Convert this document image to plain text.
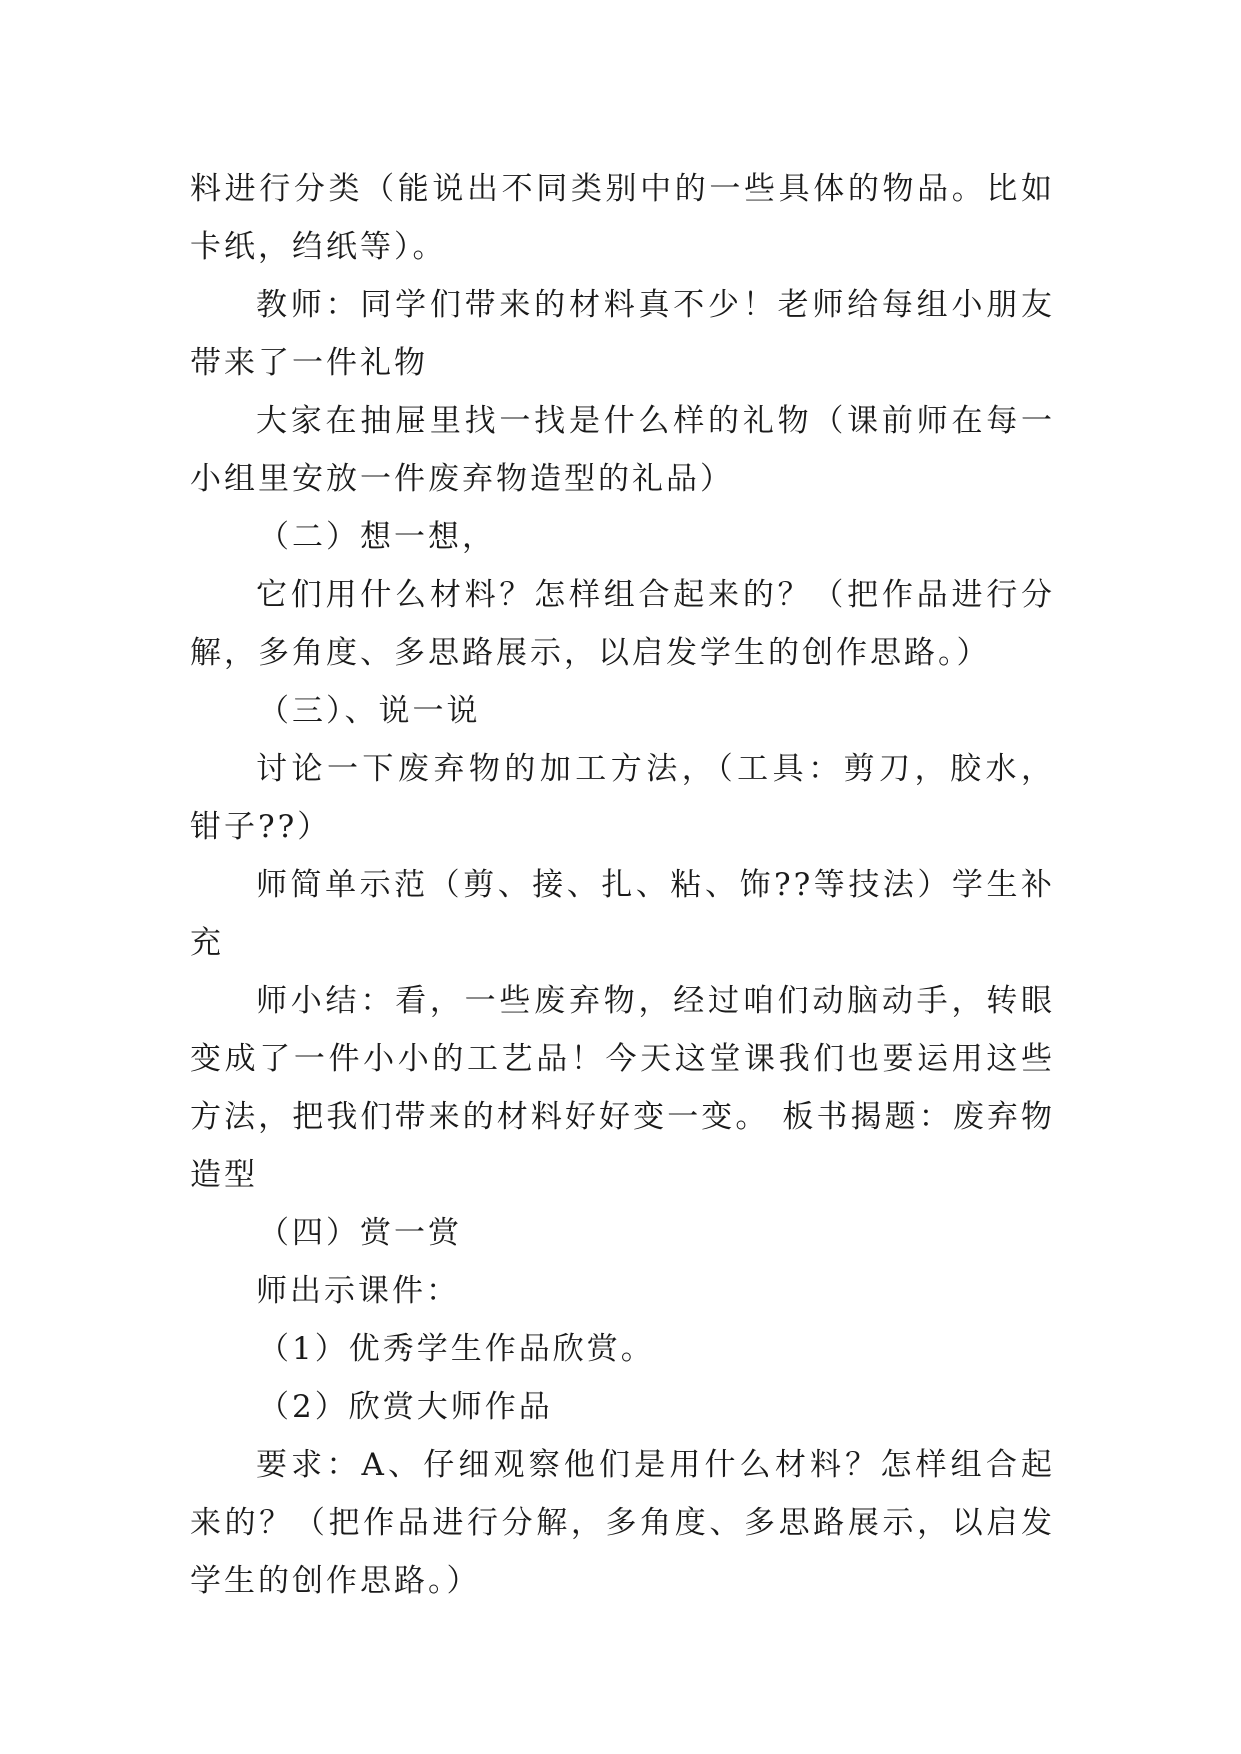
料进行分类（能说出不同类别中的一些具体的物品。比如卡纸，绉纸等）。

教师：同学们带来的材料真不少！老师给每组小朋友带来了一件礼物

大家在抽屉里找一找是什么样的礼物（课前师在每一小组里安放一件废弃物造型的礼品）

（二）想一想，

它们用什么材料？怎样组合起来的？（把作品进行分解，多角度、多思路展示，以启发学生的创作思路。）

（三）、说一说

讨论一下废弃物的加工方法，（工具：剪刀，胶水，钳子??）

师简单示范（剪、接、扎、粘、饰??等技法）学生补充

师小结：看，一些废弃物，经过咱们动脑动手，转眼变成了一件小小的工艺品！今天这堂课我们也要运用这些方法，把我们带来的材料好好变一变。 板书揭题：废弃物造型

（四）赏一赏

师出示课件：

（1）优秀学生作品欣赏。

（2）欣赏大师作品

要求：A、仔细观察他们是用什么材料？怎样组合起来的？（把作品进行分解，多角度、多思路展示，以启发学生的创作思路。）
